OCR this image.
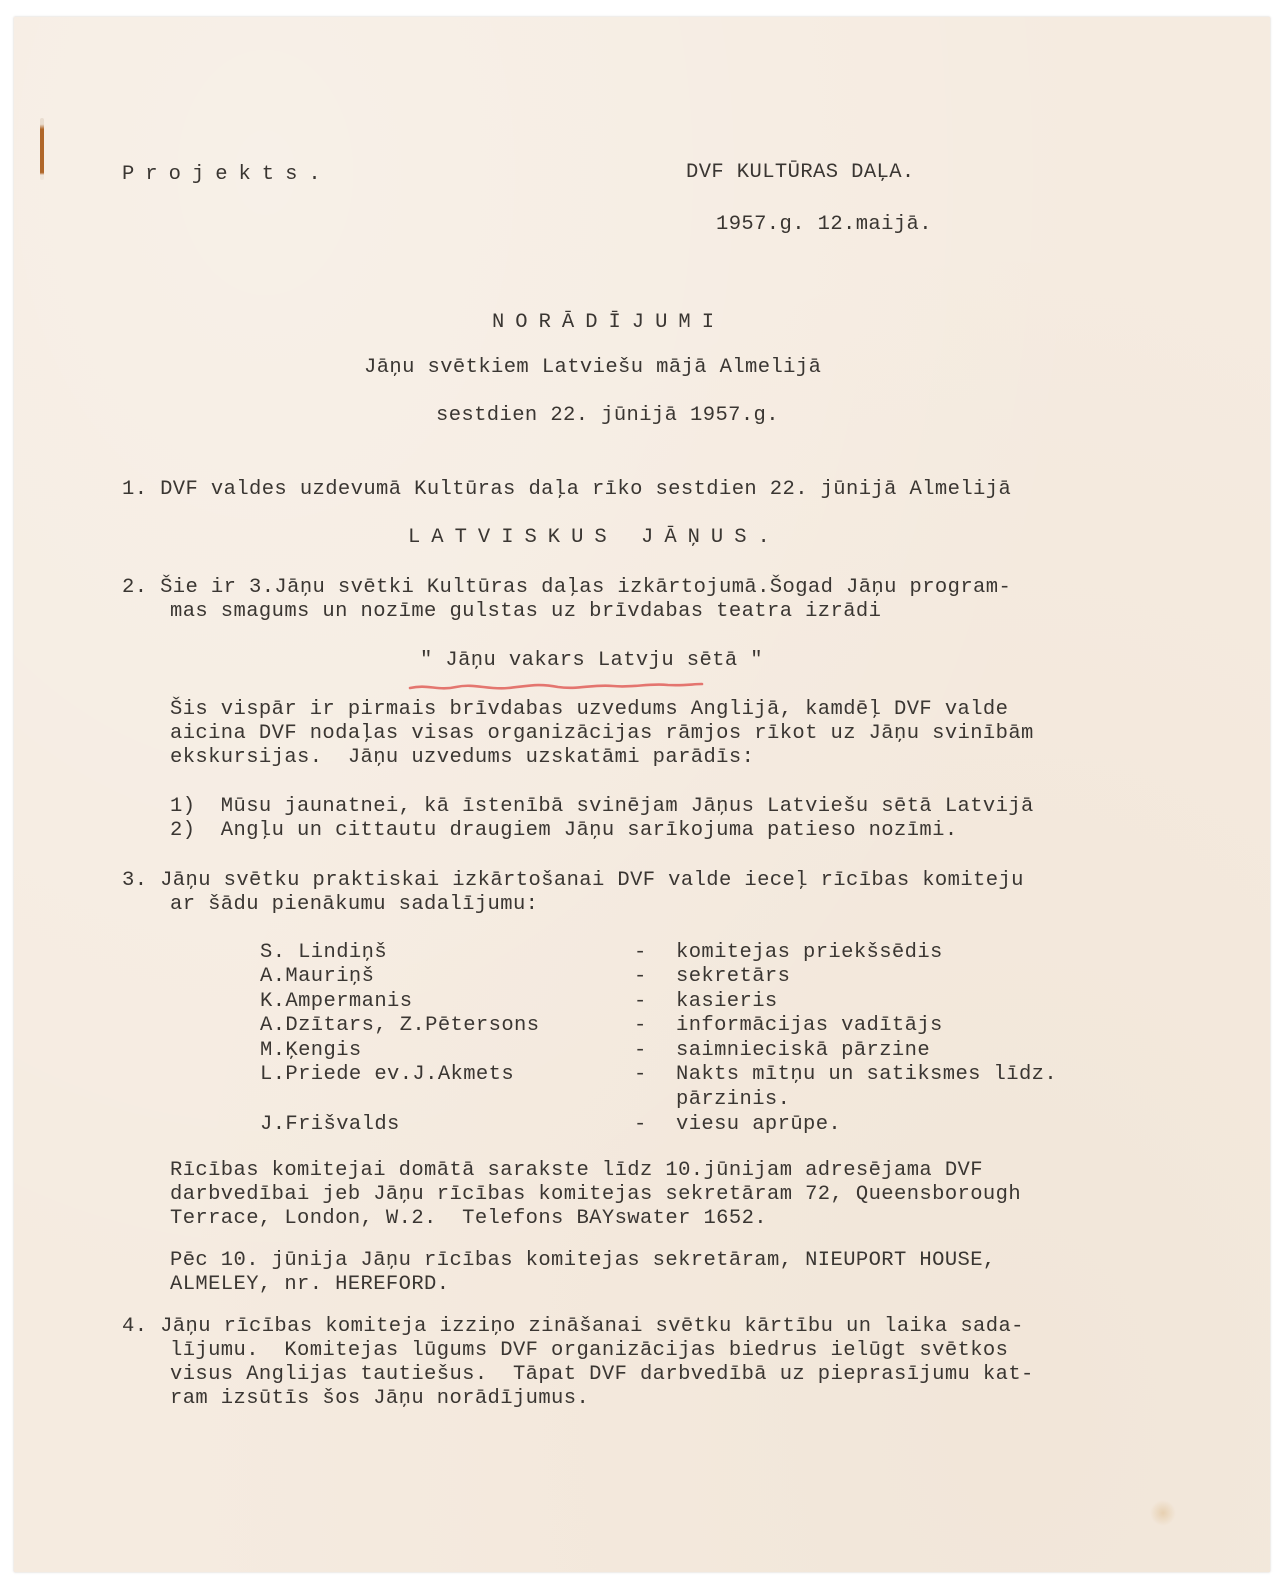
Projekts.	DVF KULTŪRAS DAĻA.
1957.g. 12.maijā.
NORĀDĪJUMI
Jāņu svētkiem Latviešu mājā Almelijā
sestdien 22. jūnijā 1957.g.
1. DVF valdes uzdevumā Kultūras daļa rīko sestdien 22. jūnijā Almelijā
LATVISKUS JĀŅUS.
2. Šie ir 3.Jāņu svētki Kultūras daļas izkārtojumā.Šogad Jāņu program-
mas smagums un nozīme gulstas uz brīvdabas teatra izrādi
" Jāņu vakars Latvju sētā "
Šis vispār ir pirmais brīvdabas uzvedums Anglijā, kamdēļ DVF valde
aicina DVF nodaļas visas organizācijas rāmjos rīkot uz Jāņu svinībām
ekskursijas.  Jāņu uzvedums uzskatāmi parādīs:
1)  Mūsu jaunatnei, kā īstenībā svinējam Jāņus Latviešu sētā Latvijā
2)  Angļu un cittautu draugiem Jāņu sarīkojuma patieso nozīmi.
3. Jāņu svētku praktiskai izkārtošanai DVF valde ieceļ rīcības komiteju
ar šādu pienākumu sadalījumu:
S. Lindiņš	- komitejas priekšsēdis
A.Mauriņš	- sekretārs
K.Ampermanis	- kasieris
A.Dzītars, Z.Pētersons	- informācijas vadītājs
M.Ķengis	- saimnieciskā pārzine
L.Priede ev.J.Akmets	- Nakts mītņu un satiksmes līdz.
pārzinis.
J.Frišvalds	- viesu aprūpe.
Rīcības komitejai domātā sarakste līdz 10.jūnijam adresējama DVF
darbvedībai jeb Jāņu rīcības komitejas sekretāram 72, Queensborough
Terrace, London, W.2.  Telefons BAYswater 1652.
Pēc 10. jūnija Jāņu rīcības komitejas sekretāram, NIEUPORT HOUSE,
ALMELEY, nr. HEREFORD.
4. Jāņu rīcības komiteja izziņo zināšanai svētku kārtību un laika sada-
lījumu.  Komitejas lūgums DVF organizācijas biedrus ielūgt svētkos
visus Anglijas tautiešus.  Tāpat DVF darbvedībā uz pieprasījumu kat-
ram izsūtīs šos Jāņu norādījumus.
